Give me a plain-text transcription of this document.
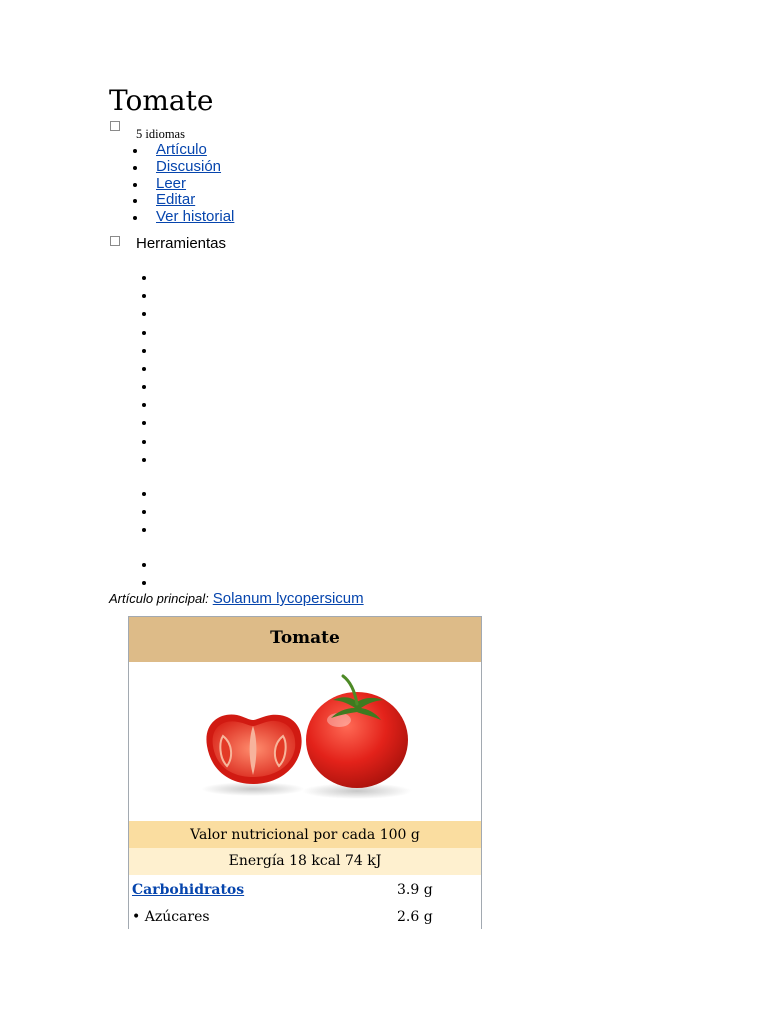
Tomate
5 idiomas
Artículo
Discusión
Leer
Editar
Ver historial
Herramientas
Artículo principal: Solanum lycopersicum
Tomate
Valor nutricional por cada 100 g
Energía 18 kcal 74 kJ
Carbohidratos	3.9 g
• Azúcares	2.6 g
